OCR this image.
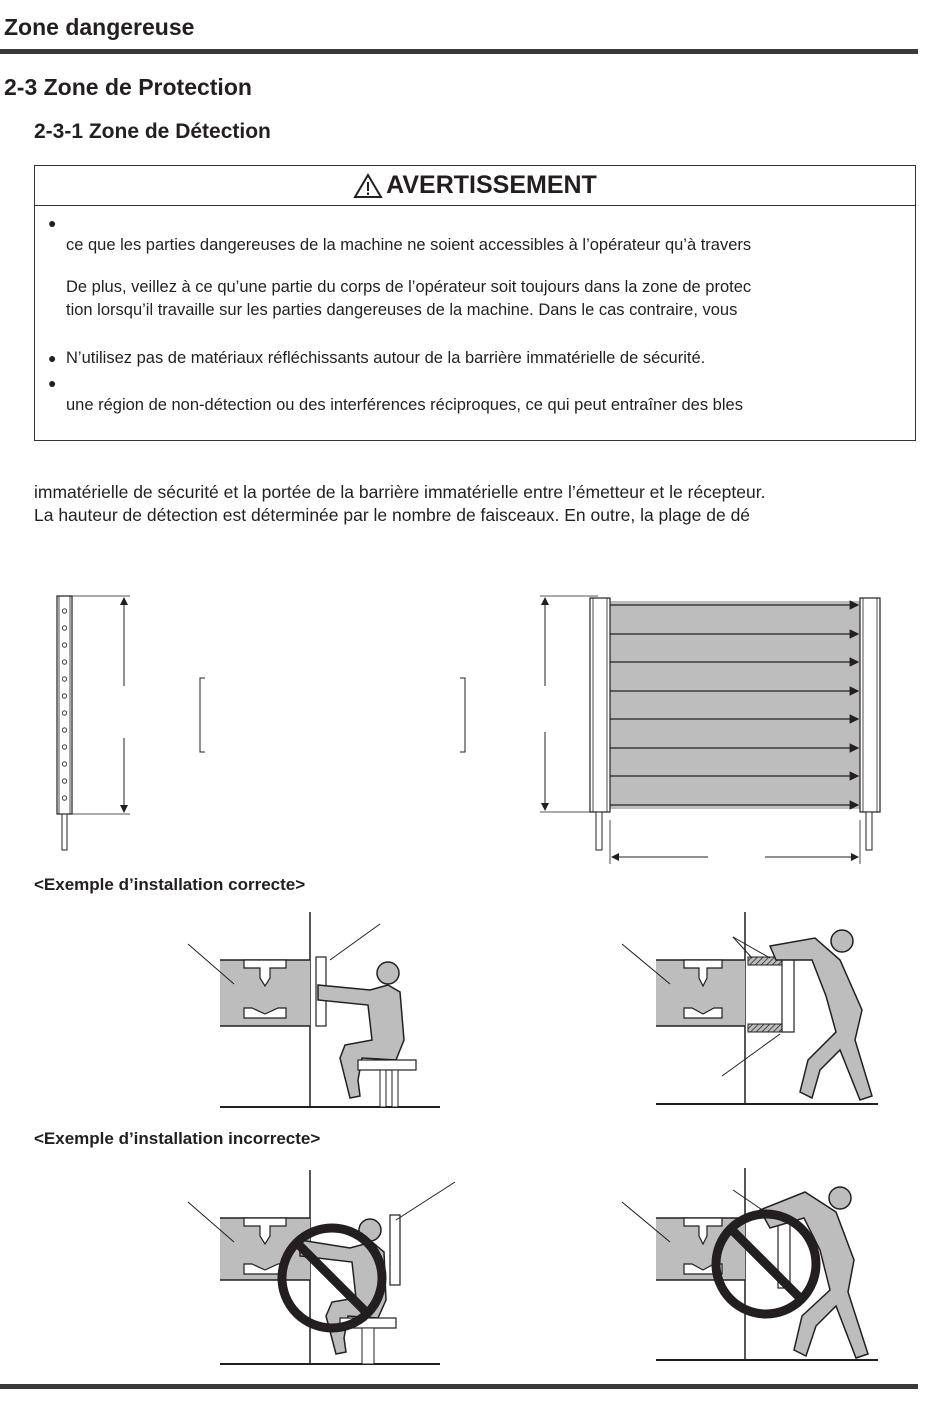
Zone dangereuse
2-3 Zone de Protection
2-3-1 Zone de Détection
AVERTISSEMENT
●
ce que les parties dangereuses de la machine ne soient accessibles à l’opérateur qu’à travers
De plus, veillez à ce qu’une partie du corps de l’opérateur soit toujours dans la zone de protec
tion lorsqu’il travaille sur les parties dangereuses de la machine. Dans le cas contraire, vous
● N’utilisez pas de matériaux réfléchissants autour de la barrière immatérielle de sécurité.
●
une région de non-détection ou des interférences réciproques, ce qui peut entraîner des bles
immatérielle de sécurité et la portée de la barrière immatérielle entre l’émetteur et le récepteur.
La hauteur de détection est déterminée par le nombre de faisceaux. En outre, la plage de dé
<Exemple d’installation correcte>
<Exemple d’installation incorrecte>
